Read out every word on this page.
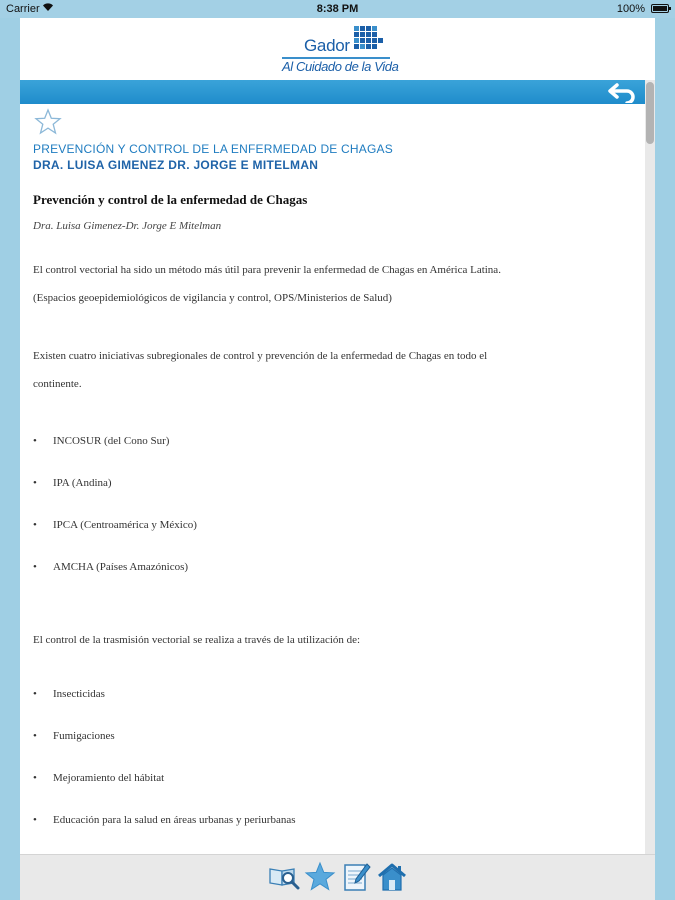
Carrier	8:38 PM	100%
Gador
Al Cuidado de la Vida
PREVENCIÓN Y CONTROL DE LA ENFERMEDAD DE CHAGAS
DRA. LUISA GIMENEZ DR. JORGE E MITELMAN
Prevención y control de la enfermedad de Chagas
Dra. Luisa Gimenez-Dr. Jorge E Mitelman
El control vectorial ha sido un método más útil para prevenir la enfermedad de Chagas en América Latina.
(Espacios geoepidemiológicos de vigilancia y control, OPS/Ministerios de Salud)
Existen cuatro iniciativas subregionales de control y prevención de la enfermedad de Chagas en todo el
continente.
• INCOSUR (del Cono Sur)
• IPA (Andina)
• IPCA (Centroamérica y México)
• AMCHA (Países Amazónicos)
El control de la trasmisión vectorial se realiza a través de la utilización de:
• Insecticidas
• Fumigaciones
• Mejoramiento del hábitat
• Educación para la salud en áreas urbanas y periurbanas
